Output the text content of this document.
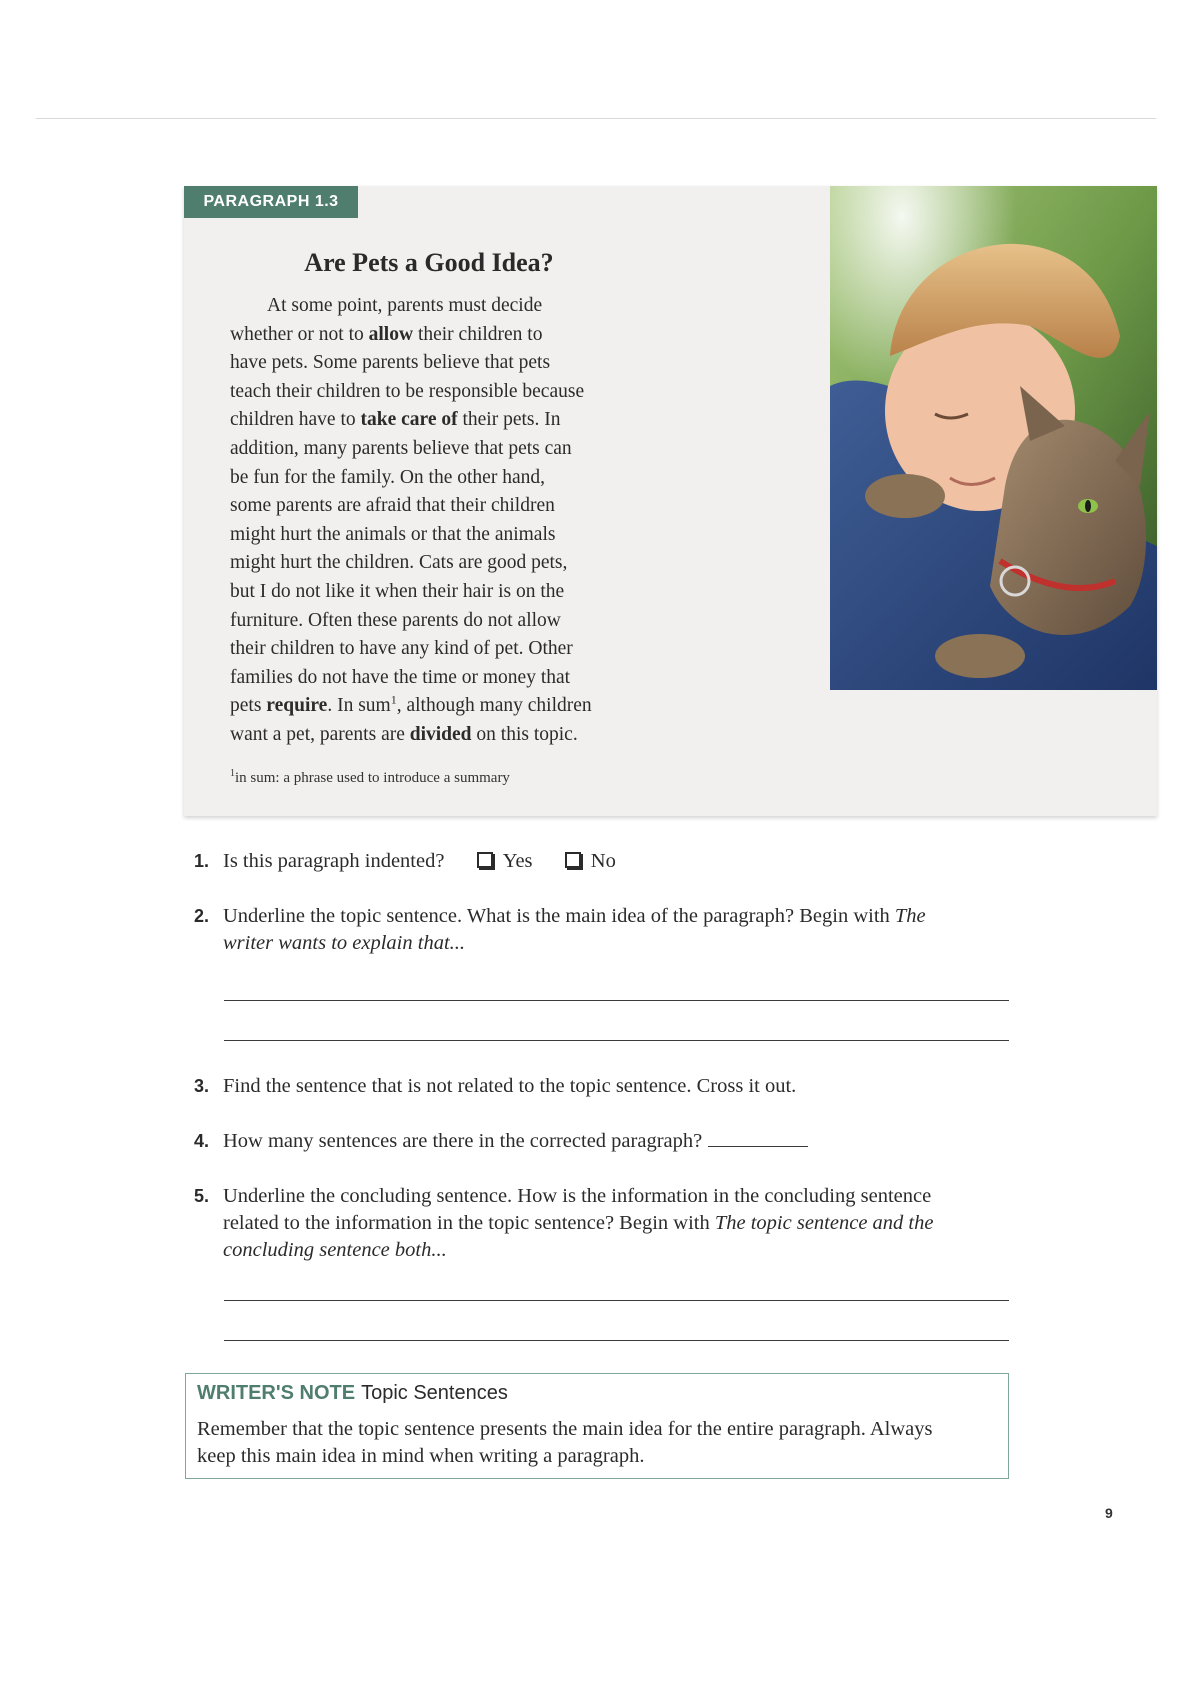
PARAGRAPH 1.3
Are Pets a Good Idea?
At some point, parents must decide
whether or not to allow their children to
have pets. Some parents believe that pets
teach their children to be responsible because
children have to take care of their pets. In
addition, many parents believe that pets can
be fun for the family. On the other hand,
some parents are afraid that their children
might hurt the animals or that the animals
might hurt the children. Cats are good pets,
but I do not like it when their hair is on the
furniture. Often these parents do not allow
their children to have any kind of pet. Other
families do not have the time or money that
pets require. In sum$^1$, although many children
want a pet, parents are divided on this topic.
$^1$in sum: a phrase used to introduce a summary
1. Is this paragraph indented?	Yes	No
2. Underline the topic sentence. What is the main idea of the paragraph? Begin with The
writer wants to explain that...
3. Find the sentence that is not related to the topic sentence. Cross it out.
4. How many sentences are there in the corrected paragraph?
5. Underline the concluding sentence. How is the information in the concluding sentence
related to the information in the topic sentence? Begin with The topic sentence and the
concluding sentence both...
WRITER'S NOTE Topic Sentences
Remember that the topic sentence presents the main idea for the entire paragraph. Always
keep this main idea in mind when writing a paragraph.
9
